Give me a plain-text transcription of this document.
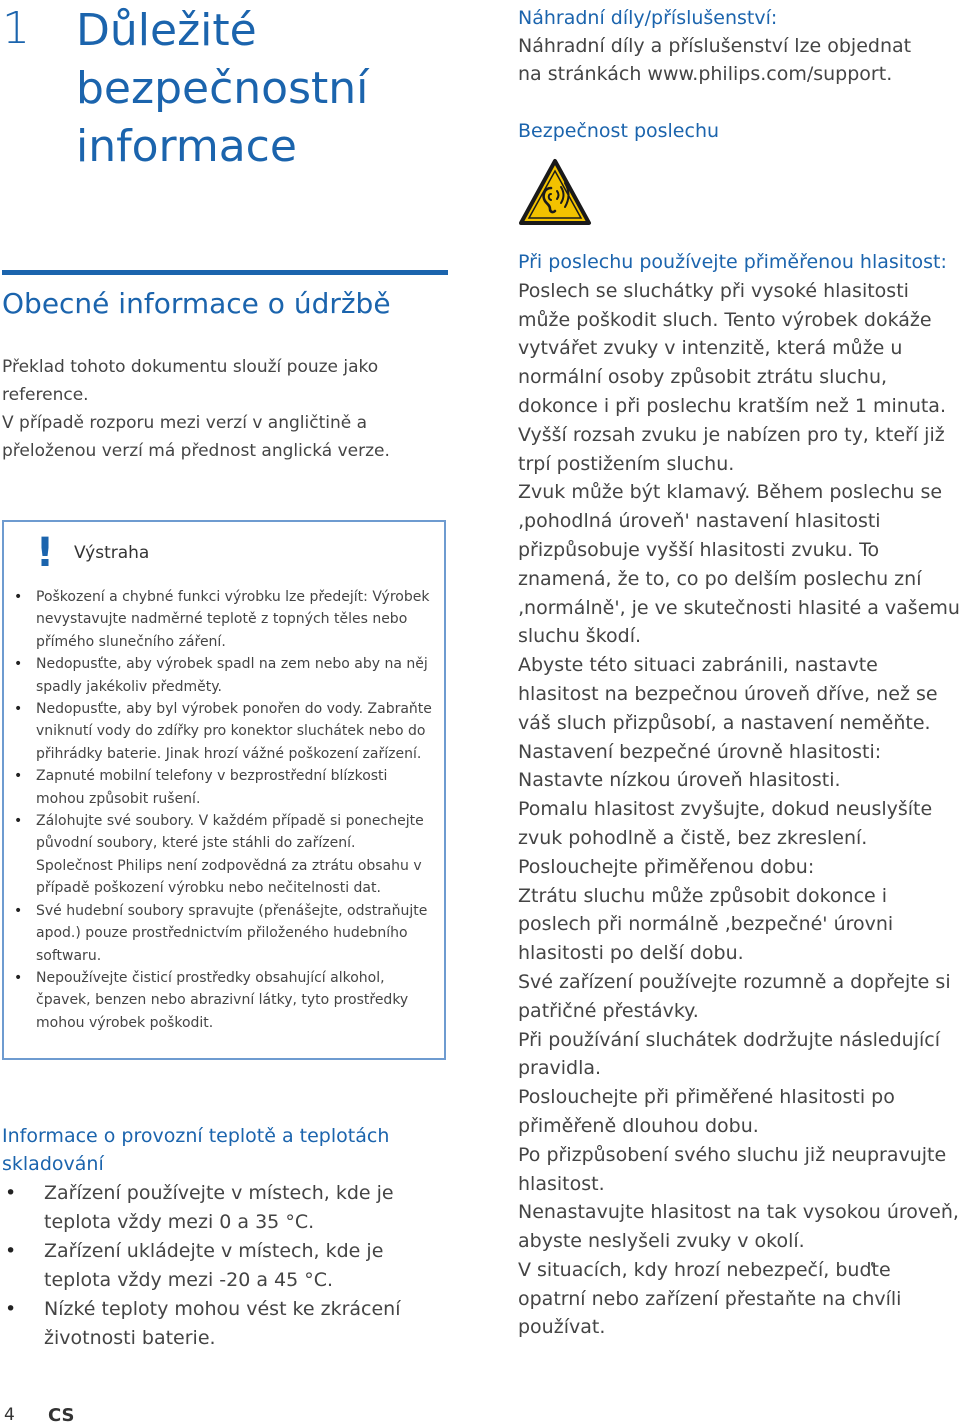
1 Důležité bezpečnostní informace
Obecné informace o údržbě

Překlad tohoto dokumentu slouží pouze jako reference.

V případě rozporu mezi verzí v angličtině a přeloženou verzí má přednost anglická verze.

!	Výstraha
• Poškození a chybné funkci výrobku lze předejít: Výrobek nevystavujte nadměrné teplotě z topných těles nebo přímého slunečního záření.
• Nedopusťte, aby výrobek spadl na zem nebo aby na něj spadly jakékoliv předměty.
• Nedopusťte, aby byl výrobek ponořen do vody. Zabraňte vniknutí vody do zdířky pro konektor sluchátek nebo do přihrádky baterie. Jinak hrozí vážné poškození zařízení.
• Zapnuté mobilní telefony v bezprostřední blízkosti mohou způsobit rušení.
• Zálohujte své soubory. V každém případě si ponechejte původní soubory, které jste stáhli do zařízení. Společnost Philips není zodpovědná za ztrátu obsahu v případě poškození výrobku nebo nečitelnosti dat.
• Své hudební soubory spravujte (přenášejte, odstraňujte apod.) pouze prostřednictvím přiloženého hudebního softwaru.
• Nepoužívejte čisticí prostředky obsahující alkohol, čpavek, benzen nebo abrazivní látky, tyto prostředky mohou výrobek poškodit.
Informace o provozní teplotě a teplotách skladování
• Zařízení používejte v místech, kde je teplota vždy mezi 0 a 35 °C.
• Zařízení ukládejte v místech, kde je teplota vždy mezi -20 a 45 °C.
• Nízké teploty mohou vést ke zkrácení životnosti baterie.
4 CS
Náhradní díly/příslušenství:
Náhradní díly a příslušenství lze objednat na stránkách www.philips.com/support.
Bezpečnost poslechu

Při poslechu používejte přiměřenou hlasitost:

Poslech se sluchátky při vysoké hlasitosti může poškodit sluch. Tento výrobek dokáže vytvářet zvuky v intenzitě, která může u normální osoby způsobit ztrátu sluchu, dokonce i při poslechu kratším než 1 minuta. Vyšší rozsah zvuku je nabízen pro ty, kteří již trpí postižením sluchu.

Zvuk může být klamavý. Během poslechu se ‚pohodlná úroveň' nastavení hlasitosti přizpůsobuje vyšší hlasitosti zvuku. To znamená, že to, co po delším poslechu zní ‚normálně', je ve skutečnosti hlasité a vašemu sluchu škodí.

Abyste této situaci zabránili, nastavte hlasitost na bezpečnou úroveň dříve, než se váš sluch přizpůsobí, a nastavení neměňte.

Nastavení bezpečné úrovně hlasitosti:

Nastavte nízkou úroveň hlasitosti.

Pomalu hlasitost zvyšujte, dokud neuslyšíte zvuk pohodlně a čistě, bez zkreslení.

Poslouchejte přiměřenou dobu:

Ztrátu sluchu může způsobit dokonce i poslech při normálně ‚bezpečné' úrovni hlasitosti po delší dobu.

Své zařízení používejte rozumně a dopřejte si patřičné přestávky.

Při používání sluchátek dodržujte následující pravidla.

Poslouchejte při přiměřené hlasitosti po přiměřeně dlouhou dobu.

Po přizpůsobení svého sluchu již neupravujte hlasitost.

Nenastavujte hlasitost na tak vysokou úroveň, abyste neslyšeli zvuky v okolí.

V situacích, kdy hrozí nebezpečí, buďte opatrní nebo zařízení přestaňte na chvíli používat.
